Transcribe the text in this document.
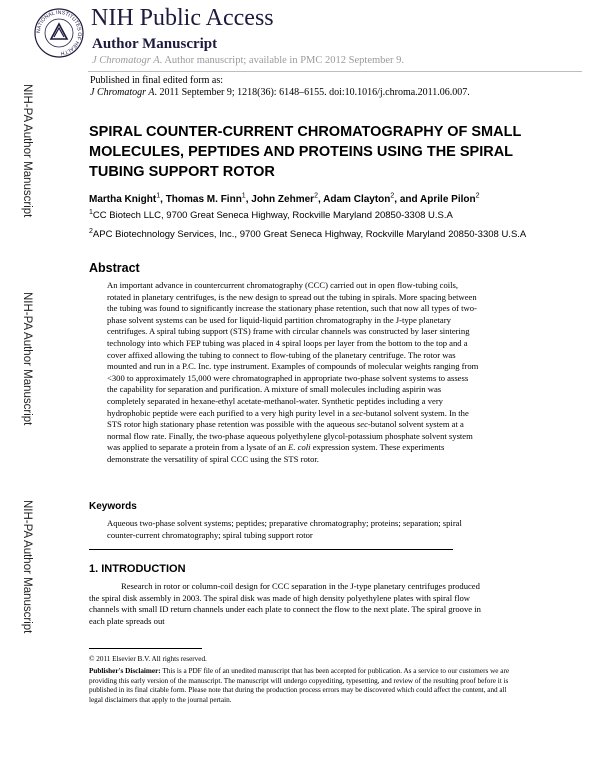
NATIONAL INSTITUTES OF HEALTH
NIH Public Access
Author Manuscript
J Chromatogr A. Author manuscript; available in PMC 2012 September 9.
Published in final edited form as:
J Chromatogr A. 2011 September 9; 1218(36): 6148–6155. doi:10.1016/j.chroma.2011.06.007.
NIH-PA Author Manuscript
NIH-PA Author Manuscript
NIH-PA Author Manuscript
SPIRAL COUNTER-CURRENT CHROMATOGRAPHY OF SMALL MOLECULES, PEPTIDES AND PROTEINS USING THE SPIRAL TUBING SUPPORT ROTOR
Martha Knight$^1$, Thomas M. Finn$^1$, John Zehmer$^2$, Adam Clayton$^2$, and Aprile Pilon$^2$
$^1$CC Biotech LLC, 9700 Great Seneca Highway, Rockville Maryland 20850-3308 U.S.A
$^2$APC Biotechnology Services, Inc., 9700 Great Seneca Highway, Rockville Maryland 20850-3308 U.S.A
Abstract
An important advance in countercurrent chromatography (CCC) carried out in open flow-tubing coils, rotated in planetary centrifuges, is the new design to spread out the tubing in spirals. More spacing between the tubing was found to significantly increase the stationary phase retention, such that now all types of two-phase solvent systems can be used for liquid-liquid partition chromatography in the J-type planetary centrifuges. A spiral tubing support (STS) frame with circular channels was constructed by laser sintering technology into which FEP tubing was placed in 4 spiral loops per layer from the bottom to the top and a cover affixed allowing the tubing to connect to flow-tubing of the planetary centrifuge. The rotor was mounted and run in a P.C. Inc. type instrument. Examples of compounds of molecular weights ranging from <300 to approximately 15,000 were chromatographed in appropriate two-phase solvent systems to assess the capability for separation and purification. A mixture of small molecules including aspirin was completely separated in hexane-ethyl acetate-methanol-water. Synthetic peptides including a very hydrophobic peptide were each purified to a very high purity level in a sec-butanol solvent system. In the STS rotor high stationary phase retention was possible with the aqueous sec-butanol solvent system at a normal flow rate. Finally, the two-phase aqueous polyethylene glycol-potassium phosphate solvent system was applied to separate a protein from a lysate of an E. coli expression system. These experiments demonstrate the versatility of spiral CCC using the STS rotor.
Keywords
Aqueous two-phase solvent systems; peptides; preparative chromatography; proteins; separation; spiral counter-current chromatography; spiral tubing support rotor
1. INTRODUCTION

Research in rotor or column-coil design for CCC separation in the J-type planetary centrifuges produced the spiral disk assembly in 2003. The spiral disk was made of high density polyethylene plates with spiral flow channels with small ID return channels under each plate to connect the flow to the next plate. The spiral groove in each plate spreads out

© 2011 Elsevier B.V. All rights reserved.
Publisher's Disclaimer: This is a PDF file of an unedited manuscript that has been accepted for publication. As a service to our customers we are providing this early version of the manuscript. The manuscript will undergo copyediting, typesetting, and review of the resulting proof before it is published in its final citable form. Please note that during the production process errors may be discovered which could affect the content, and all legal disclaimers that apply to the journal pertain.
